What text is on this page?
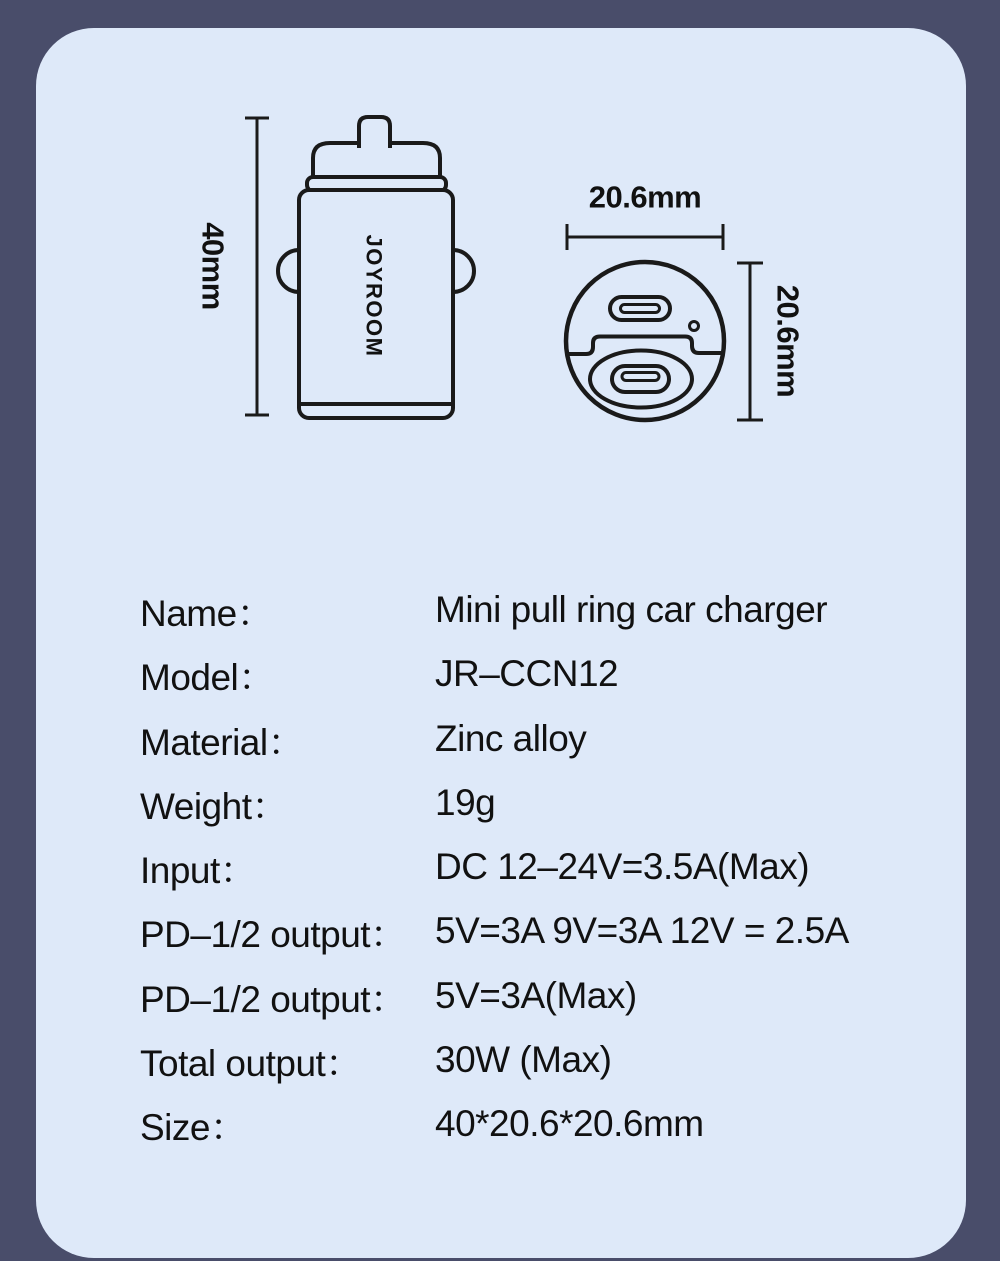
40mm	JOYROOM
20.6mm
20.6mm
Name：	Mini pull ring car charger
Model：	JR–CCN12
Material：	Zinc alloy
Weight：	19g
Input：	DC 12–24V=3.5A(Max)
PD–1/2 output： 5V=3A 9V=3A 12V = 2.5A
PD–1/2 output： 5V=3A(Max)
Total output：	30W (Max)
Size：	40*20.6*20.6mm
